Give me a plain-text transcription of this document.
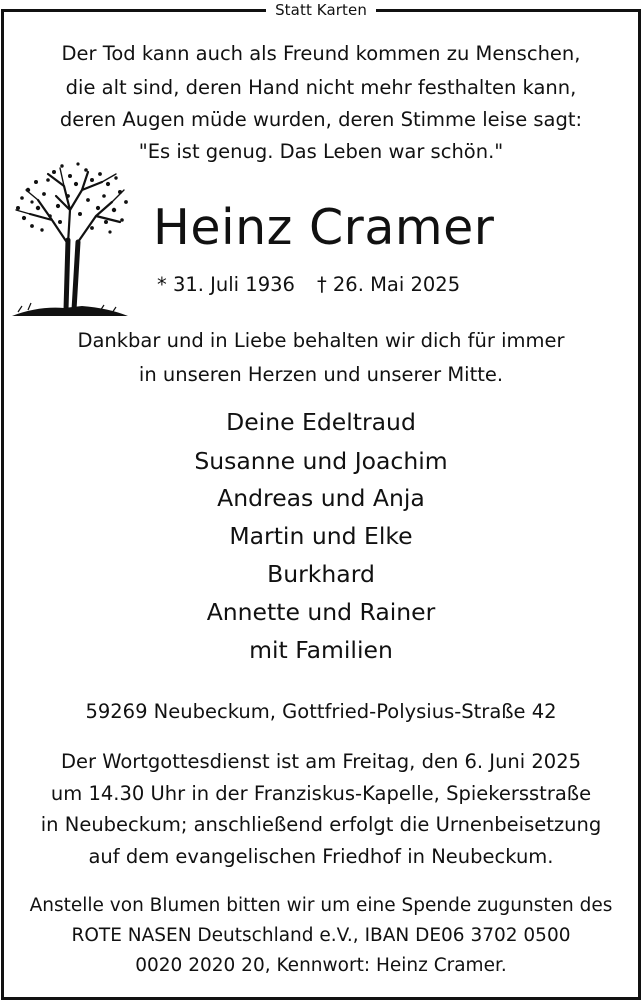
Statt Karten
Der Tod kann auch als Freund kommen zu Menschen,
die alt sind, deren Hand nicht mehr festhalten kann,
deren Augen müde wurden, deren Stimme leise sagt:
"Es ist genug. Das Leben war schön."
Heinz Cramer
* 31. Juli 1936 † 26. Mai 2025
Dankbar und in Liebe behalten wir dich für immer
in unseren Herzen und unserer Mitte.
Deine Edeltraud
Susanne und Joachim
Andreas und Anja
Martin und Elke
Burkhard
Annette und Rainer
mit Familien
59269 Neubeckum, Gottfried-Polysius-Straße 42
Der Wortgottesdienst ist am Freitag, den 6. Juni 2025
um 14.30 Uhr in der Franziskus-Kapelle, Spiekersstraße
in Neubeckum; anschließend erfolgt die Urnenbeisetzung
auf dem evangelischen Friedhof in Neubeckum.
Anstelle von Blumen bitten wir um eine Spende zugunsten des
ROTE NASEN Deutschland e.V., IBAN DE06 3702 0500
0020 2020 20, Kennwort: Heinz Cramer.
